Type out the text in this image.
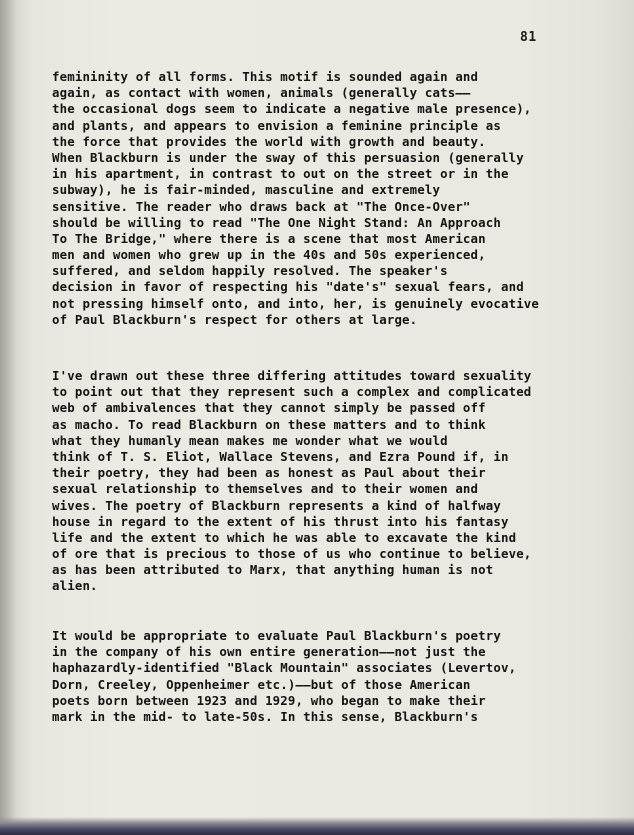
81
femininity of all forms. This motif is sounded again and
again, as contact with women, animals (generally cats——
the occasional dogs seem to indicate a negative male presence),
and plants, and appears to envision a feminine principle as
the force that provides the world with growth and beauty.
When Blackburn is under the sway of this persuasion (generally
in his apartment, in contrast to out on the street or in the
subway), he is fair-minded, masculine and extremely
sensitive. The reader who draws back at "The Once-Over"
should be willing to read "The One Night Stand: An Approach
To The Bridge," where there is a scene that most American
men and women who grew up in the 40s and 50s experienced,
suffered, and seldom happily resolved. The speaker's
decision in favor of respecting his "date's" sexual fears, and
not pressing himself onto, and into, her, is genuinely evocative
of Paul Blackburn's respect for others at large.
I've drawn out these three differing attitudes toward sexuality
to point out that they represent such a complex and complicated
web of ambivalences that they cannot simply be passed off
as macho. To read Blackburn on these matters and to think
what they humanly mean makes me wonder what we would
think of T. S. Eliot, Wallace Stevens, and Ezra Pound if, in
their poetry, they had been as honest as Paul about their
sexual relationship to themselves and to their women and
wives. The poetry of Blackburn represents a kind of halfway
house in regard to the extent of his thrust into his fantasy
life and the extent to which he was able to excavate the kind
of ore that is precious to those of us who continue to believe,
as has been attributed to Marx, that anything human is not
alien.
It would be appropriate to evaluate Paul Blackburn's poetry
in the company of his own entire generation——not just the
haphazardly-identified "Black Mountain" associates (Levertov,
Dorn, Creeley, Oppenheimer etc.)——but of those American
poets born between 1923 and 1929, who began to make their
mark in the mid- to late-50s. In this sense, Blackburn's
